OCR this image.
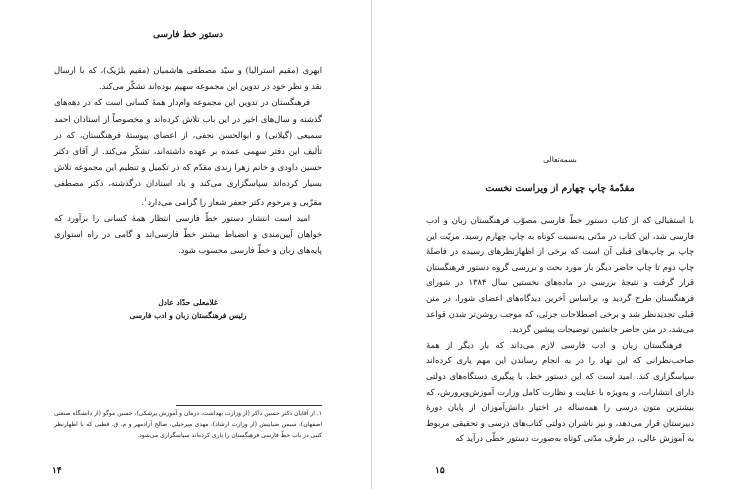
دستور خط فارسی

ابهری (مقیم استرالیا) و سیّد مصطفی هاشمیان (مقیم بلژیک)، که با ارسال نقد و نظر خود در تدوین این مجموعه سهیم بوده‌اند تشکّر می‌کند.

فرهنگستان در تدوین این مجموعه وام‌دار همهٔ کسانی است که در دهه‌های گذشته و سال‌های اخیر در این باب تلاش کرده‌اند و مخصوصاً از استادان احمد سمیعی (گیلانی) و ابوالحسن نجفی، از اعضای پیوستهٔ فرهنگستان، که در تألیف این دفتر سهمی عمده بر عهده داشته‌اند، تشکّر می‌کند. از آقای دکتر حسین داودی و خانم زهرا زندی مقدّم که در تکمیل و تنظیم این مجموعه تلاش بسیار کرده‌اند سپاسگزاری می‌کند و یاد استادان درگذشته، دکتر مصطفی مقرّبی و مرحوم دکتر جعفر شعار را گرامی می‌دارد$^۱$.

امید است انتشار دستور خطّ فارسی انتظار همهٔ کسانی را برآورد که خواهان آیین‌مندی و انضباط بیشتر خطّ فارسی‌اند و گامی در راه استواری پایه‌های زبان و خطّ فارسی محسوب شود.

غلامعلی حدّاد عادل
رئیس فرهنگستان زبان و ادب فارسی
۱. از آقایان دکتر حسین ذاکر (از وزارت بهداشت، درمان و آموزش پزشکی)، حسین موگو (از دانشگاه صنعتی اصفهان)، سیمن ضیاییش (از وزارت ارشاد)، مهدی میرخیلی، صالح آزادمهر و م. ق. قطبی که با اظهارنظر کتبی در باب خطّ فارسی فرهنگستان را یاری کرده‌اند سپاسگزاری می‌شود.
۱۴
بسمه‌تعالی
مقدّمهٔ چاپ چهارم از ویراست نخست

با استقبالی که از کتاب دستور خطّ فارسی مصوّب فرهنگستان زبان و ادب فارسی شد، این کتاب در مدّتی به‌نسبت کوتاه به چاپ چهارم رسید. مزیّت این چاپ بر چاپ‌های قبلی آن است که برخی از اظهارنظرهای رسیده در فاصلهٔ چاپ دوم تا چاپ حاضر دیگر بار مورد بحث و بررسی گروه دستور فرهنگستان قرار گرفت و نتیجهٔ بررسی در ماده‌های نخستین سال ۱۳۸۴ در شورای فرهنگستان طرح گردید و، براساس آخرین دیدگاه‌های اعضای شورا، در متن قبلی تجدیدنظر شد و برخی اصطلاحات جزئی، که موجب روشن‌تر شدن قواعد می‌شد، در متن حاضر جانشین توضیحات پیشین گردید.

فرهنگستان زبان و ادب فارسی لازم می‌داند که بار دیگر از همهٔ صاحب‌نظرانی که این نهاد را در به انجام رساندن این مهم یاری کرده‌اند سپاسگزاری کند. امید است که این دستور خط، با پیگیری دستگاه‌های دولتی دارای انتشارات، و به‌ویژه با عنایت و نظارت کامل وزارت آموزش‌وپرورش، که بیشترین متون درسی را همه‌ساله در اختیار دانش‌آموزان از پایان دورهٔ دبیرستان قرار می‌دهد، و نیز ناشران دولتی کتاب‌های درسی و تحقیقی مربوط به آموزش عالی، در طرف مدّتی کوتاه به‌صورت دستور خطّی درآید که

۱۵
